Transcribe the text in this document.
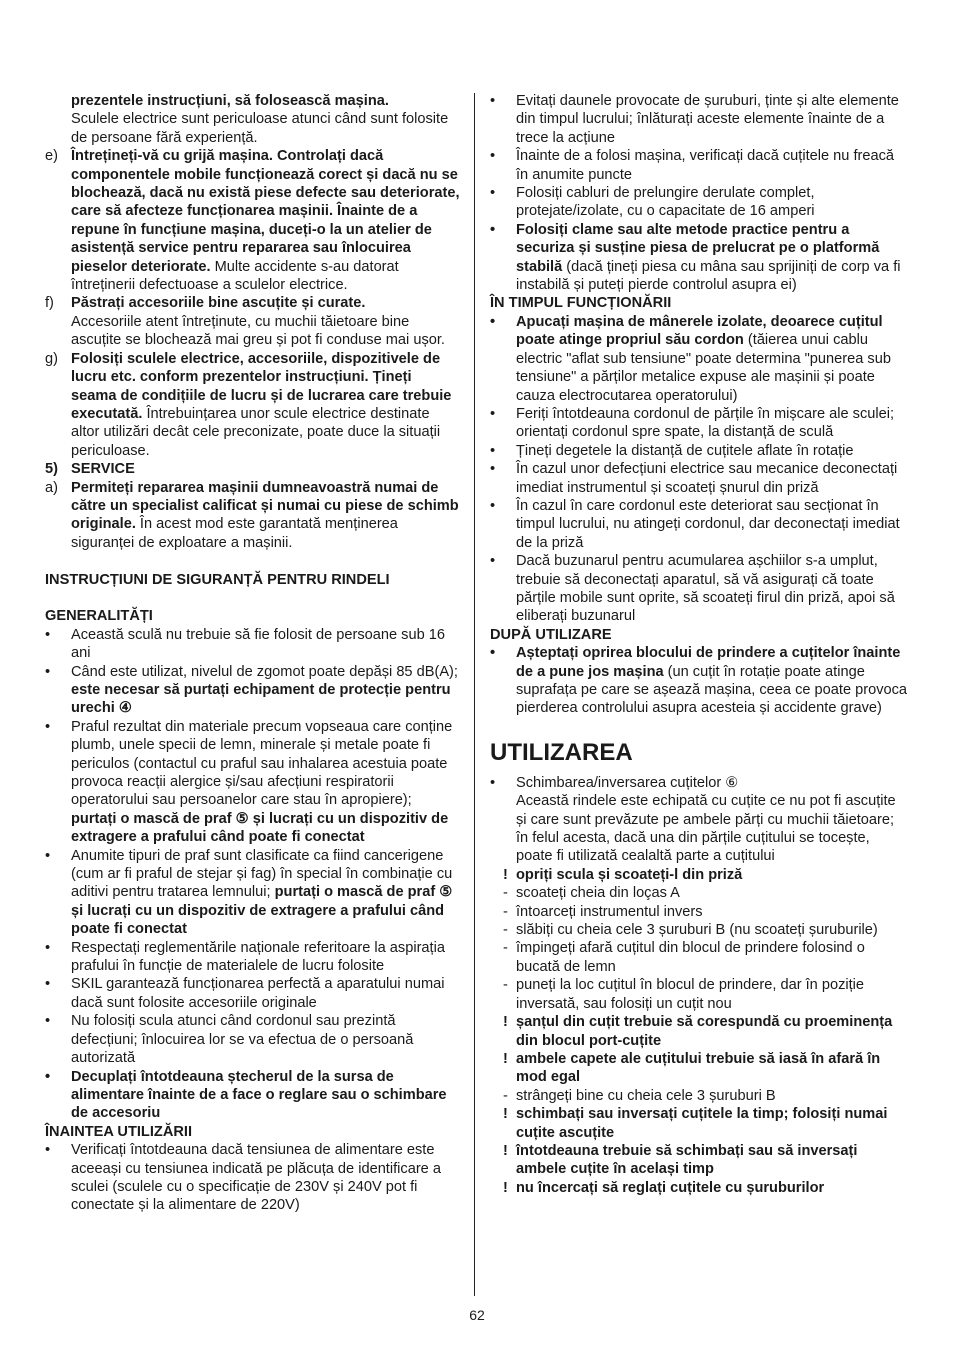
prezentele instrucțiuni, să folosească mașina.
Sculele electrice sunt periculoase atunci când sunt folosite de persoane fără experiență.
e) Întrețineți-vă cu grijă mașina. Controlați dacă componentele mobile funcționează corect și dacă nu se blochează, dacă nu există piese defecte sau deteriorate, care să afecteze funcționarea mașinii. Înainte de a repune în funcțiune mașina, duceți-o la un atelier de asistență service pentru repararea sau înlocuirea pieselor deteriorate. Multe accidente s-au datorat întreținerii defectuoase a sculelor electrice.
f)	Păstrați accesoriile bine ascuțite și curate.
Accesoriile atent întreținute, cu muchii tăietoare bine ascuțite se blochează mai greu și pot fi conduse mai ușor.
g) Folosiți sculele electrice, accesoriile, dispozitivele de lucru etc. conform prezentelor instrucțiuni. Țineți seama de condițiile de lucru și de lucrarea care trebuie executată. Întrebuințarea unor scule electrice destinate altor utilizări decât cele preconizate, poate duce la situații periculoase.
5) SERVICE
a) Permiteți repararea mașinii dumneavoastră numai de către un specialist calificat și numai cu piese de schimb originale. În acest mod este garantată menținerea siguranței de exploatare a mașinii.
INSTRUCȚIUNI DE SIGURANȚĂ PENTRU RINDELI
GENERALITĂȚI
•	Această sculă nu trebuie să fie folosit de persoane sub 16 ani
•	Când este utilizat, nivelul de zgomot poate depăși 85 dB(A); este necesar să purtați echipament de protecție pentru urechi ④
•	Praful rezultat din materiale precum vopseaua care conține plumb, unele specii de lemn, minerale și metale poate fi periculos (contactul cu praful sau inhalarea acestuia poate provoca reacții alergice și/sau afecțiuni respiratorii operatorului sau persoanelor care stau în apropiere); purtați o mască de praf ⑤ și lucrați cu un dispozitiv de extragere a prafului când poate fi conectat
•	Anumite tipuri de praf sunt clasificate ca fiind cancerigene (cum ar fi praful de stejar și fag) în special în combinație cu aditivi pentru tratarea lemnului; purtați o mască de praf ⑤ și lucrați cu un dispozitiv de extragere a prafului când poate fi conectat
•	Respectați reglementările naționale referitoare la aspirația prafului în funcție de materialele de lucru folosite
•	SKIL garantează funcționarea perfectă a aparatului numai dacă sunt folosite accesoriile originale
•	Nu folosiți scula atunci când cordonul sau prezintă defecțiuni; înlocuirea lor se va efectua de o persoană autorizată
•	Decuplați întotdeauna ștecherul de la sursa de alimentare înainte de a face o reglare sau o schimbare de accesoriu
ÎNAINTEA UTILIZĂRII
•	Verificați întotdeauna dacă tensiunea de alimentare este aceeași cu tensiunea indicată pe plăcuța de identificare a sculei (sculele cu o specificație de 230V și 240V pot fi conectate și la alimentare de 220V)
•	Evitați daunele provocate de șuruburi, ținte și alte elemente din timpul lucrului; înlăturați aceste elemente înainte de a trece la acțiune
•	Înainte de a folosi mașina, verificați dacă cuțitele nu freacă în anumite puncte
•	Folosiți cabluri de prelungire derulate complet, protejate/izolate, cu o capacitate de 16 amperi
•	Folosiți clame sau alte metode practice pentru a securiza și susține piesa de prelucrat pe o platformă stabilă (dacă țineți piesa cu mâna sau sprijiniți de corp va fi instabilă și puteți pierde controlul asupra ei)
ÎN TIMPUL FUNCȚIONĂRII
•	Apucați mașina de mânerele izolate, deoarece cuțitul poate atinge propriul său cordon (tăierea unui cablu electric "aflat sub tensiune" poate determina "punerea sub tensiune" a părților metalice expuse ale mașinii și poate cauza electrocutarea operatorului)
•	Feriți întotdeauna cordonul de părțile în mișcare ale sculei; orientați cordonul spre spate, la distanță de sculă
•	Țineți degetele la distanță de cuțitele aflate în rotație
•	În cazul unor defecțiuni electrice sau mecanice deconectați imediat instrumentul și scoateți șnurul din priză
•	În cazul în care cordonul este deteriorat sau secționat în timpul lucrului, nu atingeți cordonul, dar deconectați imediat de la priză
•	Dacă buzunarul pentru acumularea așchiilor s-a umplut, trebuie să deconectați aparatul, să vă asigurați că toate părțile mobile sunt oprite, să scoateți firul din priză, apoi să eliberați buzunarul
DUPĂ UTILIZARE
•	Așteptați oprirea blocului de prindere a cuțitelor înainte de a pune jos mașina (un cuțit în rotație poate atinge suprafața pe care se așează mașina, ceea ce poate provoca pierderea controlului asupra acesteia și accidente grave)
UTILIZAREA
•	Schimbarea/inversarea cuțitelor ⑥
Această rindele este echipată cu cuțite ce nu pot fi ascuțite și care sunt prevăzute pe ambele părți cu muchii tăietoare; în felul acesta, dacă una din părțile cuțitului se tocește, poate fi utilizată cealaltă parte a cuțitului
! opriți scula și scoateți-l din priză
- scoateți cheia din loças A
- întoarceți instrumentul invers
- slăbiți cu cheia cele 3 șuruburi B (nu scoateți șuruburile)
- împingeți afară cuțitul din blocul de prindere folosind o bucată de lemn
- puneți la loc cuțitul în blocul de prindere, dar în poziție inversată, sau folosiți un cuțit nou
! șanțul din cuțit trebuie să corespundă cu proeminența din blocul port-cuțite
! ambele capete ale cuțitului trebuie să iasă în afară în mod egal
- strângeți bine cu cheia cele 3 șuruburi B
! schimbați sau inversați cuțitele la timp; folosiți numai cuțite ascuțite
! întotdeauna trebuie să schimbați sau să inversați ambele cuțite în același timp
! nu încercați să reglați cuțitele cu șuruburilor
62
